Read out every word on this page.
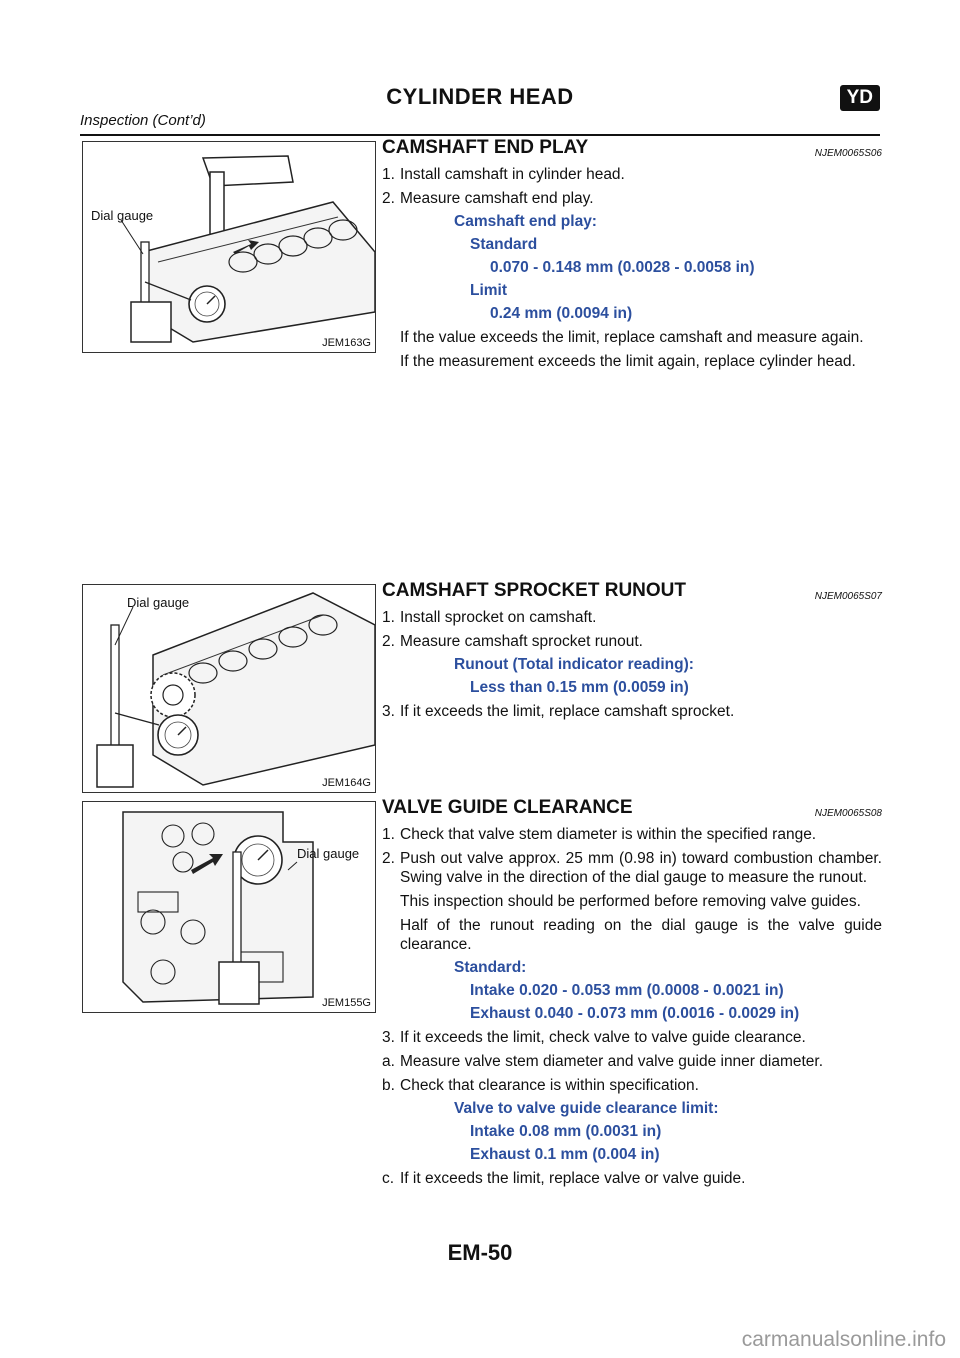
CYLINDER HEAD	YD
Inspection (Cont’d)
Dial gauge
JEM163G
Dial gauge
JEM164G
Dial gauge
JEM155G
CAMSHAFT END PLAY	NJEM0065S06
1. Install camshaft in cylinder head.
2. Measure camshaft end play.
Camshaft end play:
Standard
0.070 - 0.148 mm (0.0028 - 0.0058 in)
Limit
0.24 mm (0.0094 in)
If the value exceeds the limit, replace camshaft and measure again.
If the measurement exceeds the limit again, replace cylinder head.
CAMSHAFT SPROCKET RUNOUT	NJEM0065S07
1. Install sprocket on camshaft.
2. Measure camshaft sprocket runout.
Runout (Total indicator reading):
Less than 0.15 mm (0.0059 in)
3. If it exceeds the limit, replace camshaft sprocket.
VALVE GUIDE CLEARANCE	NJEM0065S08
1. Check that valve stem diameter is within the specified range.
2. Push out valve approx. 25 mm (0.98 in) toward combustion chamber. Swing valve in the direction of the dial gauge to measure the runout.
This inspection should be performed before removing valve guides.
Half of the runout reading on the dial gauge is the valve guide clearance.
Standard:
Intake 0.020 - 0.053 mm (0.0008 - 0.0021 in)
Exhaust 0.040 - 0.073 mm (0.0016 - 0.0029 in)
3. If it exceeds the limit, check valve to valve guide clearance.
a. Measure valve stem diameter and valve guide inner diameter.
b. Check that clearance is within specification.
Valve to valve guide clearance limit:
Intake 0.08 mm (0.0031 in)
Exhaust 0.1 mm (0.004 in)
c. If it exceeds the limit, replace valve or valve guide.
EM-50
carmanualsonline.info
